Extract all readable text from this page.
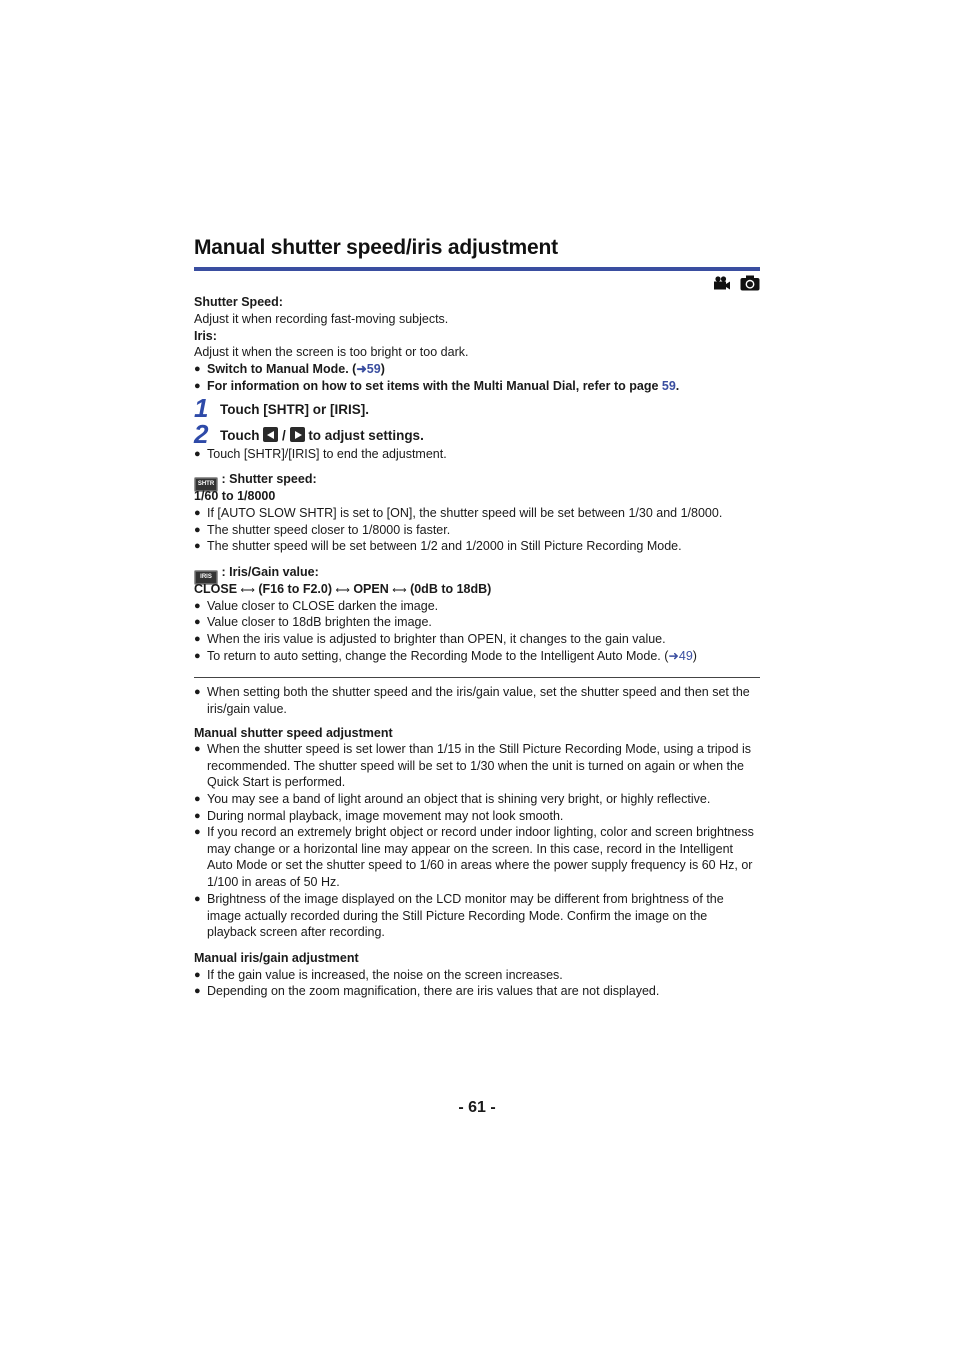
Manual shutter speed/iris adjustment
Shutter Speed:
Adjust it when recording fast-moving subjects.
Iris:
Adjust it when the screen is too bright or too dark.
● Switch to Manual Mode. (➜59)
● For information on how to set items with the Multi Manual Dial, refer to page 59.
1 Touch [SHTR] or [IRIS].
2 Touch  /  to adjust settings.
● Touch [SHTR]/[IRIS] to end the adjustment.
SHTR : Shutter speed:
1/60 to 1/8000
● If [AUTO SLOW SHTR] is set to [ON], the shutter speed will be set between 1/30 and 1/8000.
● The shutter speed closer to 1/8000 is faster.
● The shutter speed will be set between 1/2 and 1/2000 in Still Picture Recording Mode.
IRIS : Iris/Gain value:
CLOSE ⟷ (F16 to F2.0) ⟷ OPEN ⟷ (0dB to 18dB)
● Value closer to CLOSE darken the image.
● Value closer to 18dB brighten the image.
● When the iris value is adjusted to brighter than OPEN, it changes to the gain value.
● To return to auto setting, change the Recording Mode to the Intelligent Auto Mode. (➜49)
● When setting both the shutter speed and the iris/gain value, set the shutter speed and then set the iris/gain value.
Manual shutter speed adjustment
● When the shutter speed is set lower than 1/15 in the Still Picture Recording Mode, using a tripod is recommended. The shutter speed will be set to 1/30 when the unit is turned on again or when the Quick Start is performed.
● You may see a band of light around an object that is shining very bright, or highly reflective.
● During normal playback, image movement may not look smooth.
● If you record an extremely bright object or record under indoor lighting, color and screen brightness may change or a horizontal line may appear on the screen. In this case, record in the Intelligent Auto Mode or set the shutter speed to 1/60 in areas where the power supply frequency is 60 Hz, or 1/100 in areas of 50 Hz.
● Brightness of the image displayed on the LCD monitor may be different from brightness of the image actually recorded during the Still Picture Recording Mode. Confirm the image on the playback screen after recording.
Manual iris/gain adjustment
● If the gain value is increased, the noise on the screen increases.
● Depending on the zoom magnification, there are iris values that are not displayed.
- 61 -
